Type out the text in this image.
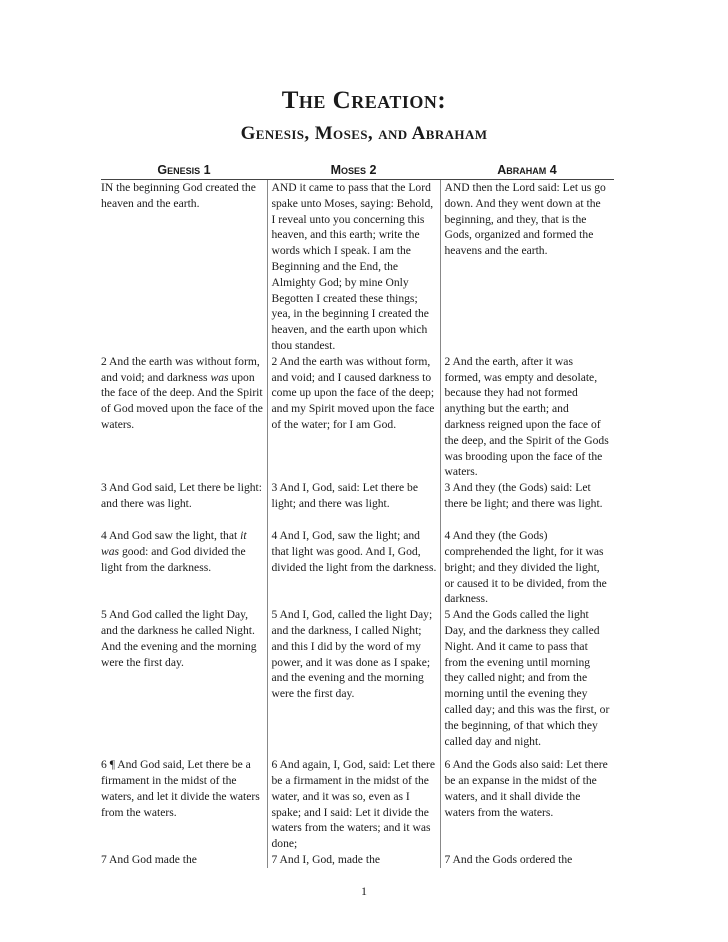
The Creation:
Genesis, Moses, and Abraham
Genesis 1	Moses 2	Abraham 4

IN the beginning God created the heaven and the earth.	AND it came to pass that the Lord spake unto Moses, saying: Behold, I reveal unto you concerning this heaven, and this earth; write the words which I speak. I am the Beginning and the End, the Almighty God; by mine Only Begotten I created these things; yea, in the beginning I created the heaven, and the earth upon which thou standest.	AND then the Lord said: Let us go down. And they went down at the beginning, and they, that is the Gods, organized and formed the heavens and the earth.

2 And the earth was without form, and void; and darkness was upon the face of the deep. And the Spirit of God moved upon the face of the waters.	2 And the earth was without form, and void; and I caused darkness to come up upon the face of the deep; and my Spirit moved upon the face of the water; for I am God.	2 And the earth, after it was formed, was empty and desolate, because they had not formed anything but the earth; and darkness reigned upon the face of the deep, and the Spirit of the Gods was brooding upon the face of the waters.

3 And God said, Let there be light: and there was light.	3 And I, God, said: Let there be light; and there was light.	3 And they (the Gods) said: Let there be light; and there was light.

4 And God saw the light, that it was good: and God divided the light from the darkness.	4 And I, God, saw the light; and that light was good. And I, God, divided the light from the darkness.	4 And they (the Gods) comprehended the light, for it was bright; and they divided the light, or caused it to be divided, from the darkness.

5 And God called the light Day, and the darkness he called Night. And the evening and the morning were the first day.	5 And I, God, called the light Day; and the darkness, I called Night; and this I did by the word of my power, and it was done as I spake; and the evening and the morning were the first day.	5 And the Gods called the light Day, and the darkness they called Night. And it came to pass that from the evening until morning they called night; and from the morning until the evening they called day; and this was the first, or the beginning, of that which they called day and night.

6 ¶ And God said, Let there be a firmament in the midst of the waters, and let it divide the waters from the waters.	6 And again, I, God, said: Let there be a firmament in the midst of the water, and it was so, even as I spake; and I said: Let it divide the waters from the waters; and it was done;	6 And the Gods also said: Let there be an expanse in the midst of the waters, and it shall divide the waters from the waters.

7 And God made the	7 And I, God, made the	7 And the Gods ordered the
1
